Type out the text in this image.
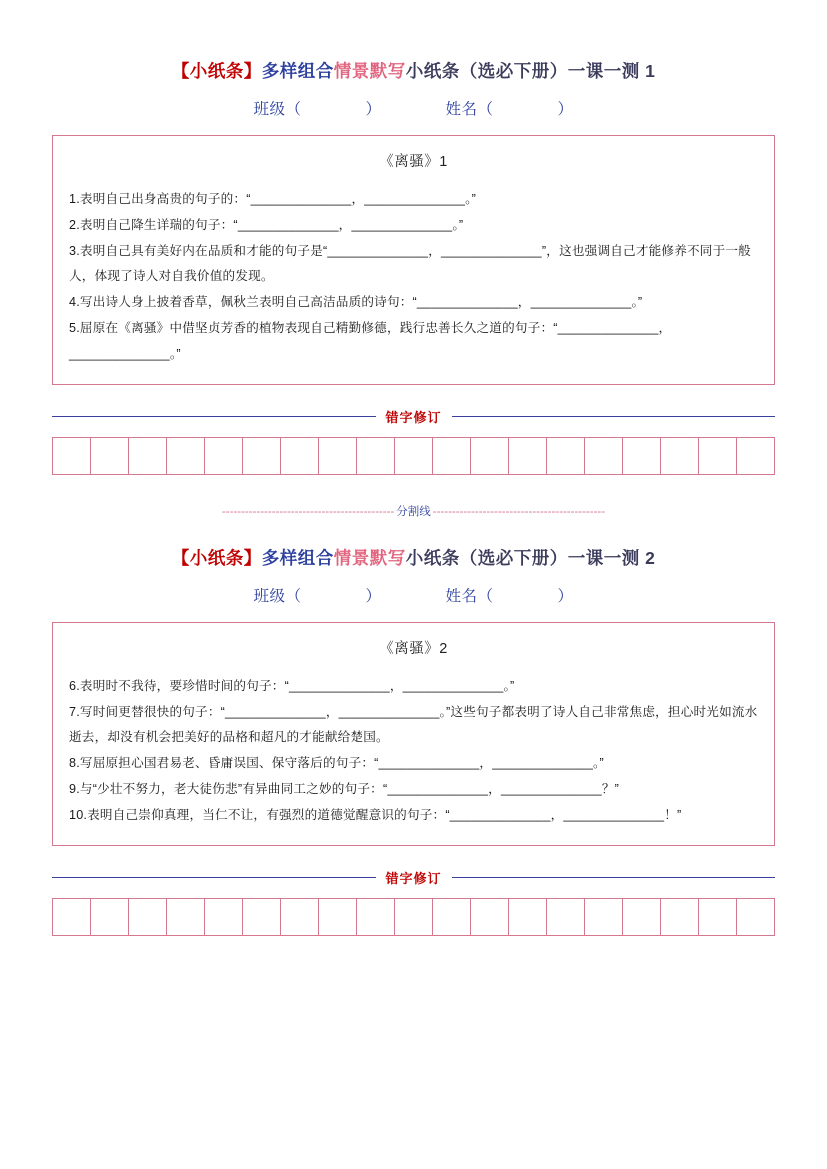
【小纸条】多样组合情景默写小纸条（选必下册）一课一测 1
班级（	）	姓名（	）
《离骚》1
1.表明自己出身高贵的句子的：“______________，______________。”
2.表明自己降生详瑞的句子：“______________，______________。”
3.表明自己具有美好内在品质和才能的句子是“______________，______________”，这也强调自己才能修养不同于一般人，体现了诗人对自我价值的发现。
4.写出诗人身上披着香草，佩秋兰表明自己高洁品质的诗句：“______________，______________。”
5.屈原在《离骚》中借坚贞芳香的植物表现自己精勤修德，践行忠善长久之道的句子：“______________，______________。”
错字修订
--------------------------------------------- 分割线 ---------------------------------------------
【小纸条】多样组合情景默写小纸条（选必下册）一课一测 2
班级（	）	姓名（	）
《离骚》2
6.表明时不我待，要珍惜时间的句子：“______________，______________。”
7.写时间更替很快的句子：“______________，______________。”这些句子都表明了诗人自己非常焦虑，担心时光如流水逝去，却没有机会把美好的品格和超凡的才能献给楚国。
8.写屈原担心国君易老、昏庸误国、保守落后的句子：“______________，______________。”
9.与“少壮不努力，老大徒伤悲”有异曲同工之妙的句子：“______________，______________？”
10.表明自己崇仰真理，当仁不让，有强烈的道德觉醒意识的句子：“______________，______________！”
错字修订
